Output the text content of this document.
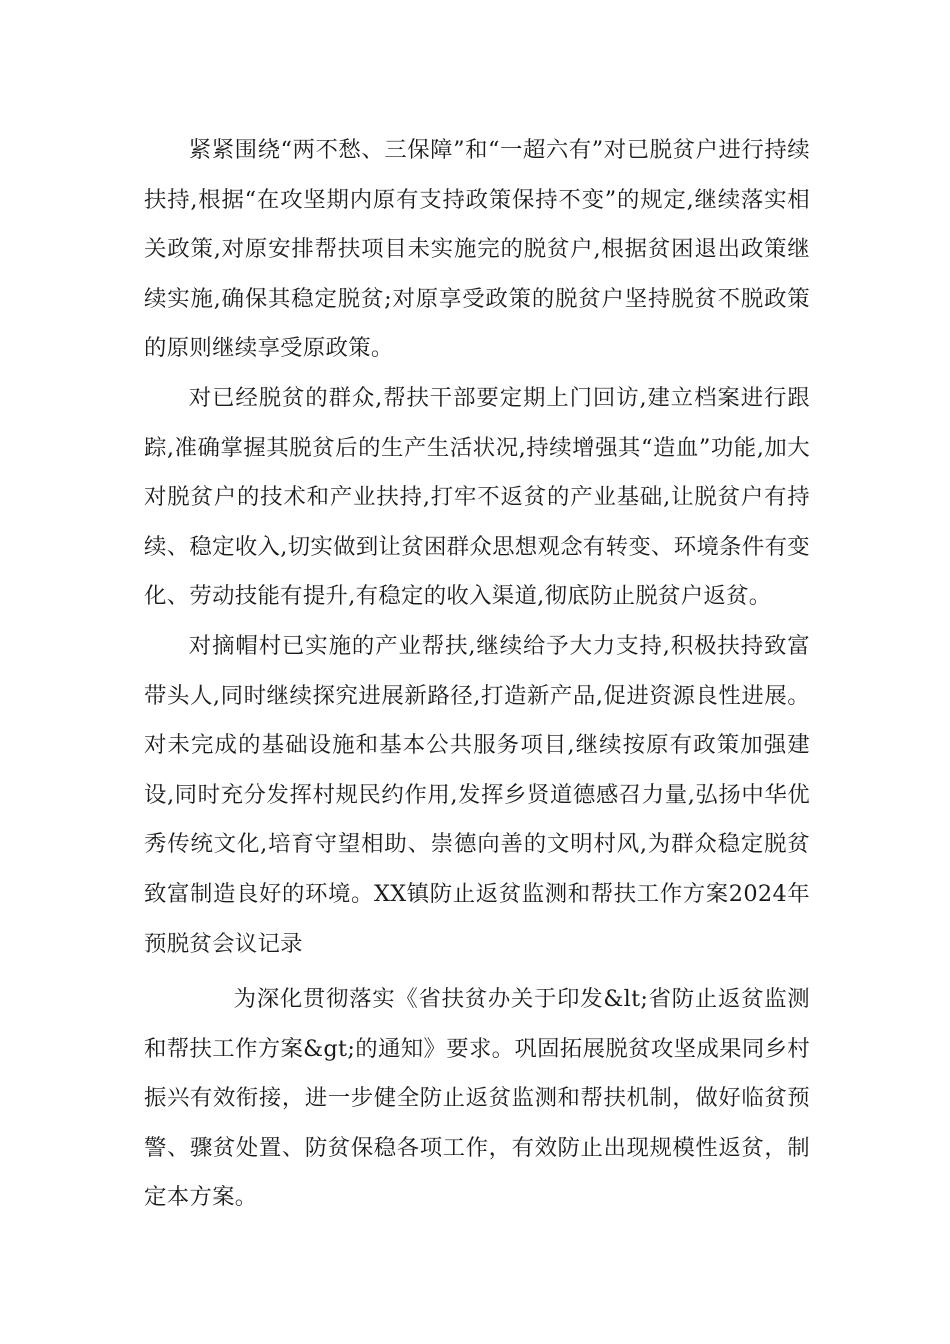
紧紧围绕“两不愁、三保障”和“一超六有”对已脱贫户进行持续扶持,根据“在攻坚期内原有支持政策保持不变”的规定,继续落实相关政策,对原安排帮扶项目未实施完的脱贫户,根据贫困退出政策继续实施,确保其稳定脱贫;对原享受政策的脱贫户坚持脱贫不脱政策的原则继续享受原政策。

对已经脱贫的群众,帮扶干部要定期上门回访,建立档案进行跟踪,准确掌握其脱贫后的生产生活状况,持续增强其“造血”功能,加大对脱贫户的技术和产业扶持,打牢不返贫的产业基础,让脱贫户有持续、稳定收入,切实做到让贫困群众思想观念有转变、环境条件有变化、劳动技能有提升,有稳定的收入渠道,彻底防止脱贫户返贫。

对摘帽村已实施的产业帮扶,继续给予大力支持,积极扶持致富带头人,同时继续探究进展新路径,打造新产品,促进资源良性进展。对未完成的基础设施和基本公共服务项目,继续按原有政策加强建设,同时充分发挥村规民约作用,发挥乡贤道德感召力量,弘扬中华优秀传统文化,培育守望相助、崇德向善的文明村风,为群众稳定脱贫致富制造良好的环境。XX镇防止返贫监测和帮扶工作方案2024年预脱贫会议记录

为深化贯彻落实《省扶贫办关于印发&lt;省防止返贫监测和帮扶工作方案&gt;的通知》要求。巩固拓展脱贫攻坚成果同乡村振兴有效衔接，进一步健全防止返贫监测和帮扶机制，做好临贫预警、骤贫处置、防贫保稳各项工作，有效防止出现规模性返贫，制定本方案。
